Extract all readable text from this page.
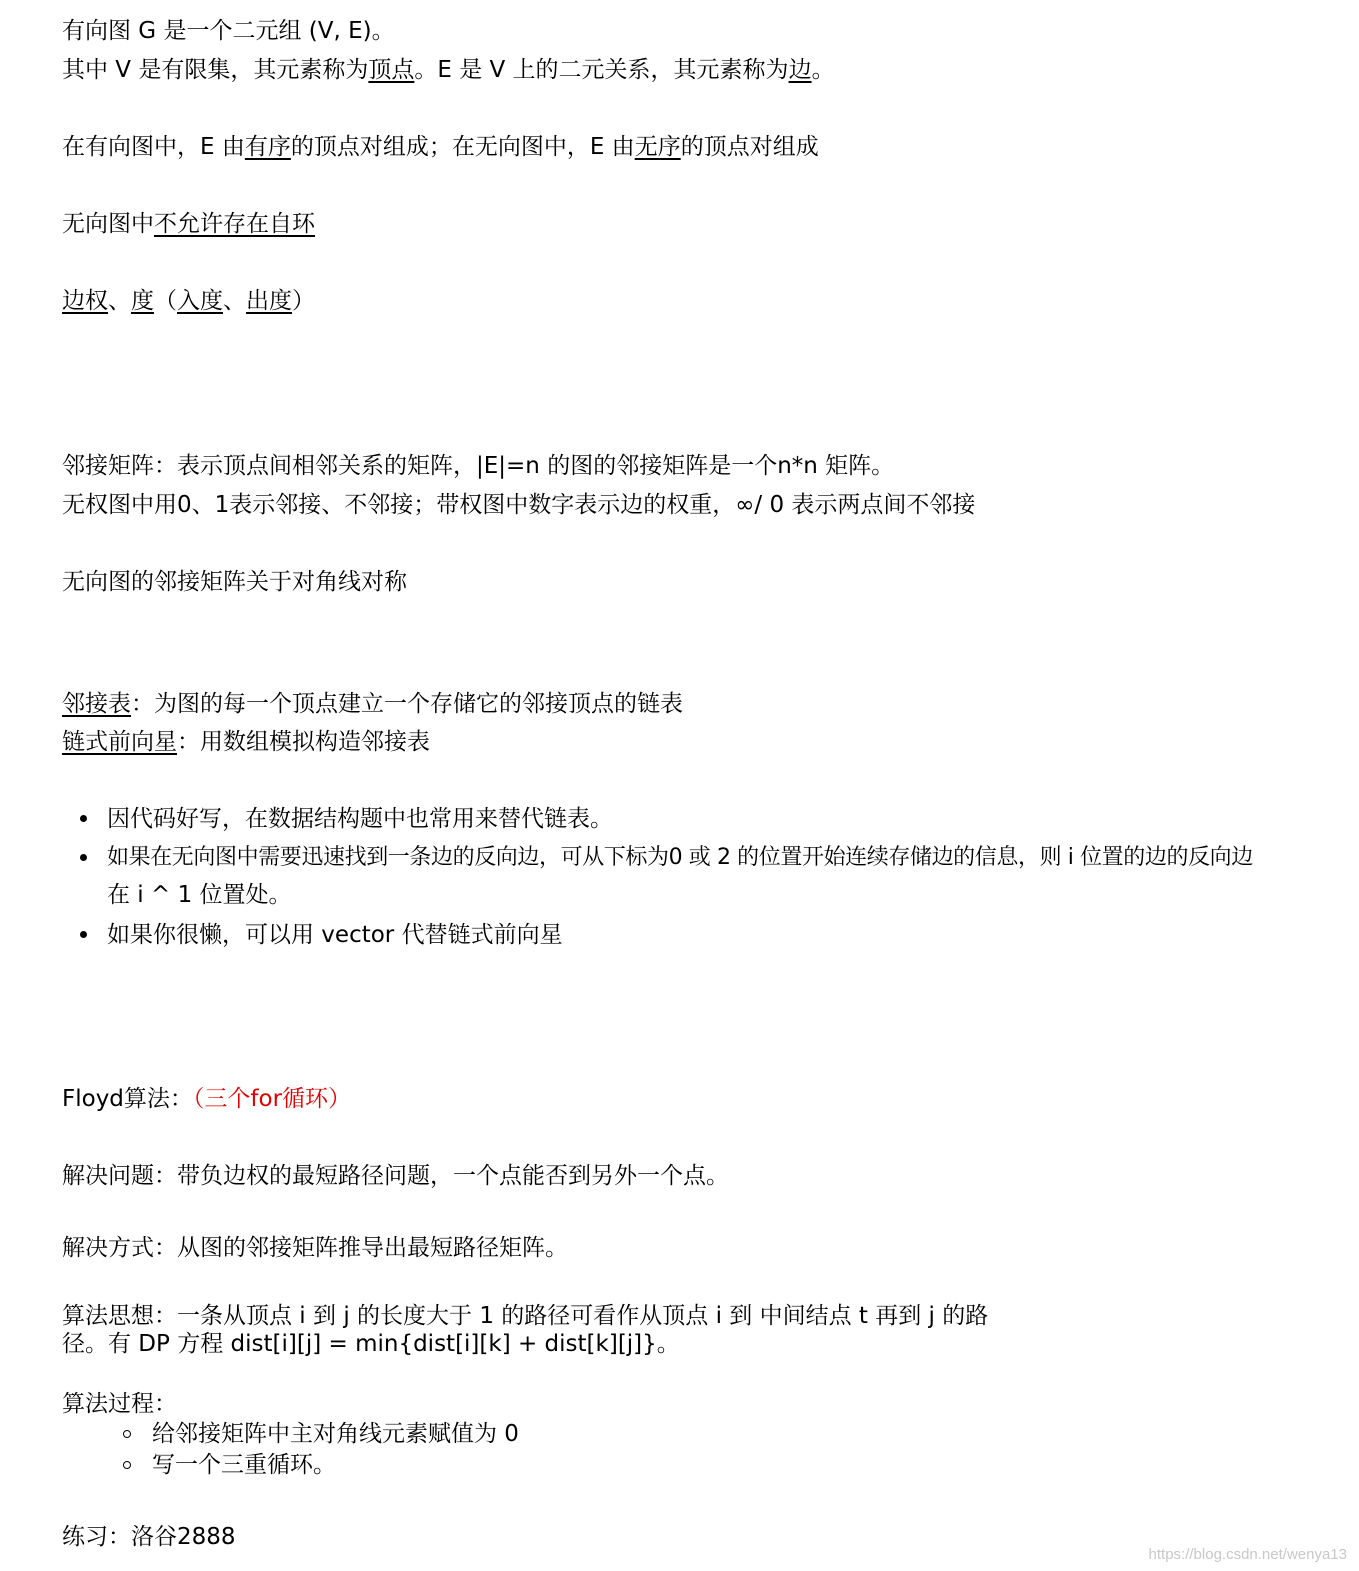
有向图 G 是一个二元组 (V, E)。
其中 V 是有限集，其元素称为顶点。E 是 V 上的二元关系，其元素称为边。
在有向图中，E 由有序的顶点对组成；在无向图中，E 由无序的顶点对组成
无向图中不允许存在自环
边权、度（入度、出度）
邻接矩阵：表示顶点间相邻关系的矩阵，|E|=n 的图的邻接矩阵是一个n*n 矩阵。
无权图中用0、1表示邻接、不邻接；带权图中数字表示边的权重，∞/ 0 表示两点间不邻接
无向图的邻接矩阵关于对角线对称
邻接表：为图的每一个顶点建立一个存储它的邻接顶点的链表
链式前向星：用数组模拟构造邻接表
因代码好写，在数据结构题中也常用来替代链表。
如果在无向图中需要迅速找到一条边的反向边，可从下标为0 或 2 的位置开始连续存储边的信息，则 i 位置的边的反向边
在 i ^ 1 位置处。
如果你很懒，可以用 vector 代替链式前向星
Floyd算法：（三个for循环）
解决问题：带负边权的最短路径问题，一个点能否到另外一个点。
解决方式：从图的邻接矩阵推导出最短路径矩阵。
算法思想：一条从顶点 i 到 j 的长度大于 1 的路径可看作从顶点 i 到 中间结点 t 再到 j 的路
径。有 DP 方程 dist[i][j] = min{dist[i][k] + dist[k][j]}。
算法过程：
给邻接矩阵中主对角线元素赋值为 0
写一个三重循环。
练习：洛谷2888
https://blog.csdn.net/wenya13
